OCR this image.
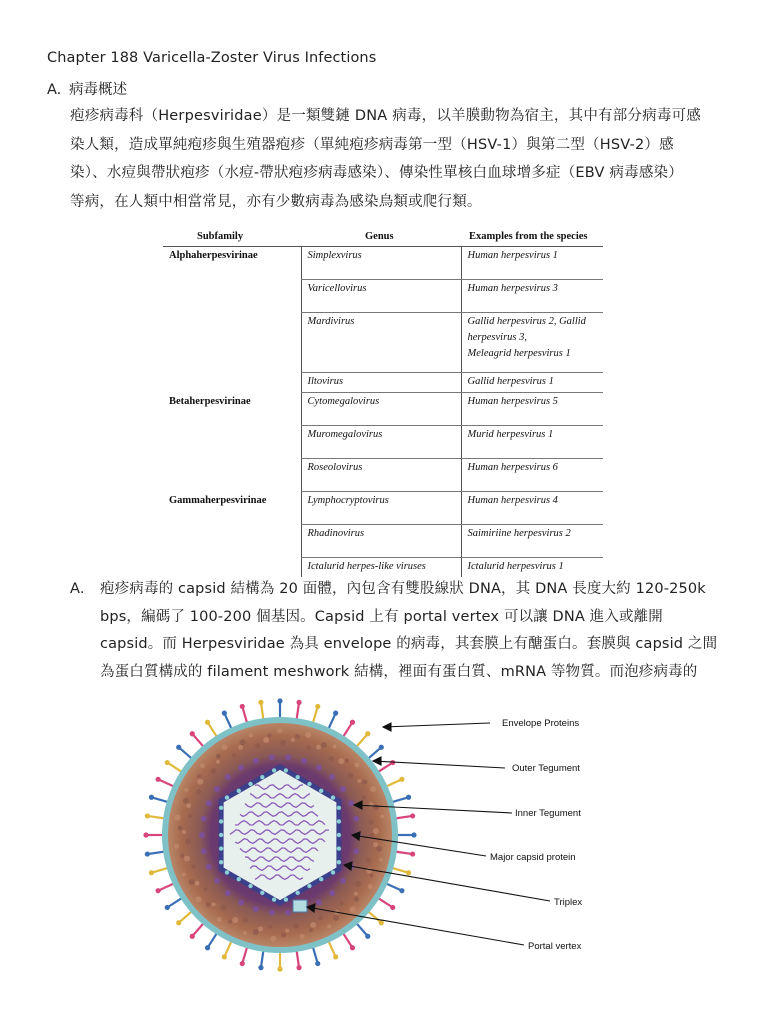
Chapter 188 Varicella-Zoster Virus Infections
A. 病毒概述
疱疹病毒科（Herpesviridae）是一類雙鏈 DNA 病毒，以羊膜動物為宿主，其中有部分病毒可感
染人類，造成單純疱疹與生殖器疱疹（單純疱疹病毒第一型（HSV-1）與第二型（HSV-2）感
染）、水痘與帶狀疱疹（水痘-帶狀疱疹病毒感染）、傳染性單核白血球增多症（EBV 病毒感染）
等病，在人類中相當常見，亦有少數病毒為感染鳥類或爬行類。
Subfamily	Genus	Examples from the species
Alphaherpesvirinae	Simplexvirus	Human herpesvirus 1
	Varicellovirus	Human herpesvirus 3
	Mardivirus	Gallid herpesvirus 2, Gallid
herpesvirus 3,
Meleagrid herpesvirus 1

	Iltovirus	Gallid herpesvirus 1
Betaherpesvirinae	Cytomegalovirus	Human herpesvirus 5
	Muromegalovirus	Murid herpesvirus 1
	Roseolovirus	Human herpesvirus 6
Gammaherpesvirinae	Lymphocryptovirus	Human herpesvirus 4
	Rhadinovirus	Saimiriine herpesvirus 2
	Ictalurid herpes-like viruses	Ictalurid herpesvirus 1
A. 疱疹病毒的 capsid 結構為 20 面體，內包含有雙股線狀 DNA，其 DNA 長度大約 120-250k
bps，編碼了 100-200 個基因。Capsid 上有 portal vertex 可以讓 DNA 進入或離開
capsid。而 Herpesviridae 為具 envelope 的病毒，其套膜上有醣蛋白。套膜與 capsid 之間
為蛋白質構成的 filament meshwork 結構，裡面有蛋白質、mRNA 等物質。而泡疹病毒的
Envelope Proteins
Outer Tegument
Inner Tegument
Major capsid protein
Triplex
Portal vertex
